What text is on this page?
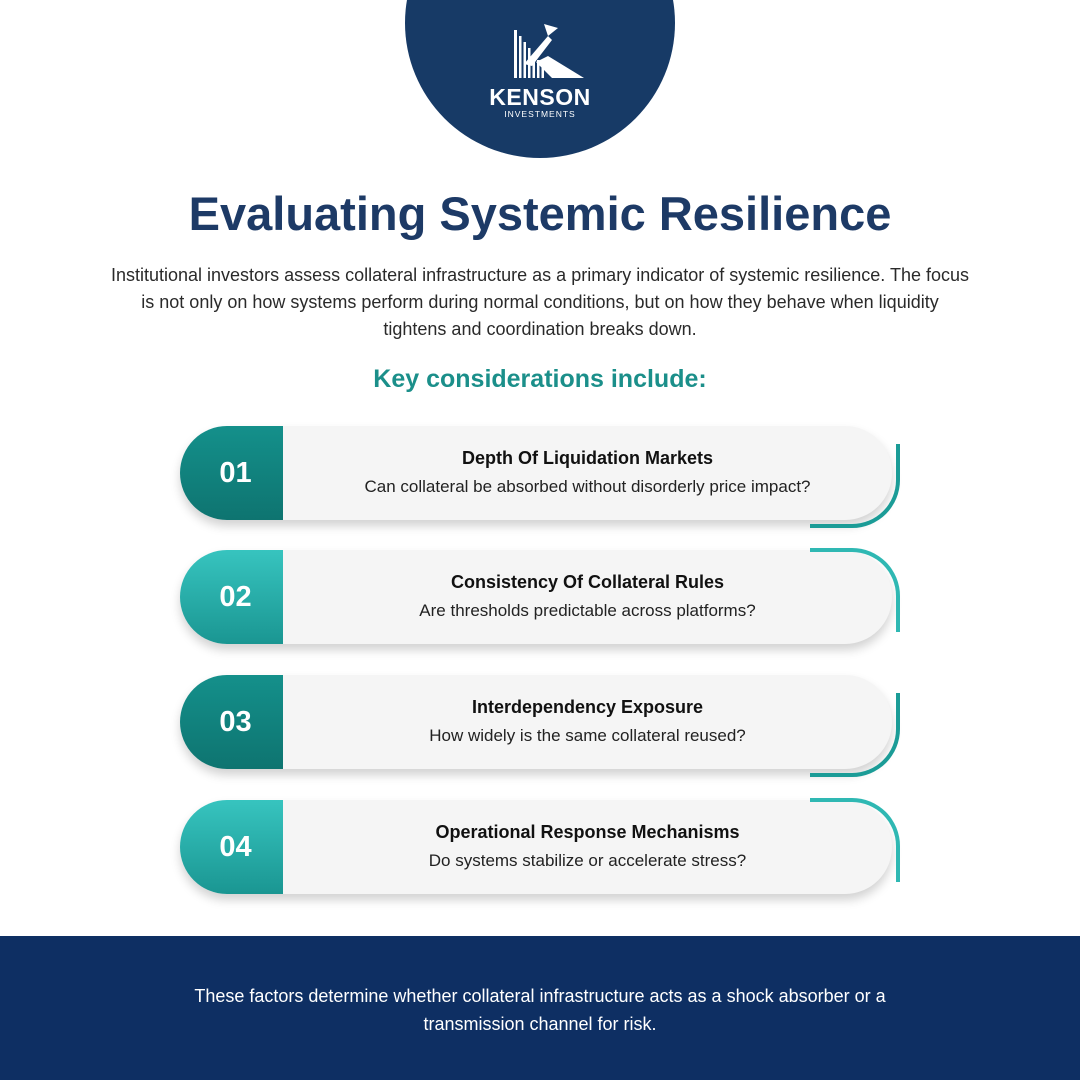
KENSON
INVESTMENTS
Evaluating Systemic Resilience

Institutional investors assess collateral infrastructure as a primary indicator of systemic resilience. The focus is not only on how systems perform during normal conditions, but on how they behave when liquidity tightens and coordination breaks down.

Key considerations include:
01	Depth Of Liquidation Markets
Can collateral be absorbed without disorderly price impact?
02	Consistency Of Collateral Rules
Are thresholds predictable across platforms?
03	Interdependency Exposure
How widely is the same collateral reused?
04	Operational Response Mechanisms
Do systems stabilize or accelerate stress?

These factors determine whether collateral infrastructure acts as a shock absorber or a transmission channel for risk.
